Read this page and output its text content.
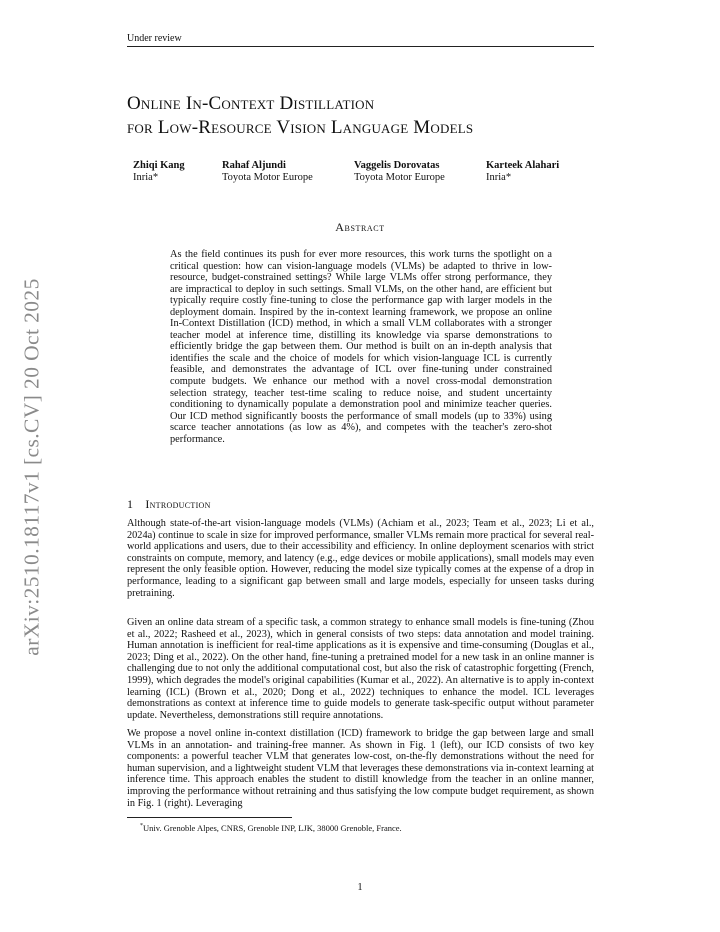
Under review
arXiv:2510.18117v1 [cs.CV] 20 Oct 2025
Online In-Context Distillation
for Low-Resource Vision Language Models
Zhiqi Kang
Inria*
Rahaf Aljundi
Toyota Motor Europe
Vaggelis Dorovatas
Toyota Motor Europe
Karteek Alahari
Inria*
Abstract
As the field continues its push for ever more resources, this work turns the spotlight on a critical question: how can vision-language models (VLMs) be adapted to thrive in low-resource, budget-constrained settings? While large VLMs offer strong performance, they are impractical to deploy in such settings. Small VLMs, on the other hand, are efficient but typically require costly fine-tuning to close the performance gap with larger models in the deployment domain. Inspired by the in-context learning framework, we propose an online In-Context Distillation (ICD) method, in which a small VLM collaborates with a stronger teacher model at inference time, distilling its knowledge via sparse demonstrations to efficiently bridge the gap between them. Our method is built on an in-depth analysis that identifies the scale and the choice of models for which vision-language ICL is currently feasible, and demonstrates the advantage of ICL over fine-tuning under constrained compute budgets. We enhance our method with a novel cross-modal demonstration selection strategy, teacher test-time scaling to reduce noise, and student uncertainty conditioning to dynamically populate a demonstration pool and minimize teacher queries. Our ICD method significantly boosts the performance of small models (up to 33%) using scarce teacher annotations (as low as 4%), and competes with the teacher's zero-shot performance.
1 Introduction
Although state-of-the-art vision-language models (VLMs) (Achiam et al., 2023; Team et al., 2023; Li et al., 2024a) continue to scale in size for improved performance, smaller VLMs remain more practical for several real-world applications and users, due to their accessibility and efficiency. In online deployment scenarios with strict constraints on compute, memory, and latency (e.g., edge devices or mobile applications), small models may even represent the only feasible option. However, reducing the model size typically comes at the expense of a drop in performance, leading to a significant gap between small and large models, especially for unseen tasks during pretraining.
Given an online data stream of a specific task, a common strategy to enhance small models is fine-tuning (Zhou et al., 2022; Rasheed et al., 2023), which in general consists of two steps: data annotation and model training. Human annotation is inefficient for real-time applications as it is expensive and time-consuming (Douglas et al., 2023; Ding et al., 2022). On the other hand, fine-tuning a pretrained model for a new task in an online manner is challenging due to not only the additional computational cost, but also the risk of catastrophic forgetting (French, 1999), which degrades the model's original capabilities (Kumar et al., 2022). An alternative is to apply in-context learning (ICL) (Brown et al., 2020; Dong et al., 2022) techniques to enhance the model. ICL leverages demonstrations as context at inference time to guide models to generate task-specific output without parameter update. Nevertheless, demonstrations still require annotations.
We propose a novel online in-context distillation (ICD) framework to bridge the gap between large and small VLMs in an annotation- and training-free manner. As shown in Fig. 1 (left), our ICD consists of two key components: a powerful teacher VLM that generates low-cost, on-the-fly demonstrations without the need for human supervision, and a lightweight student VLM that leverages these demonstrations via in-context learning at inference time. This approach enables the student to distill knowledge from the teacher in an online manner, improving the performance without retraining and thus satisfying the low compute budget requirement, as shown in Fig. 1 (right). Leveraging
*Univ. Grenoble Alpes, CNRS, Grenoble INP, LJK, 38000 Grenoble, France.
1
